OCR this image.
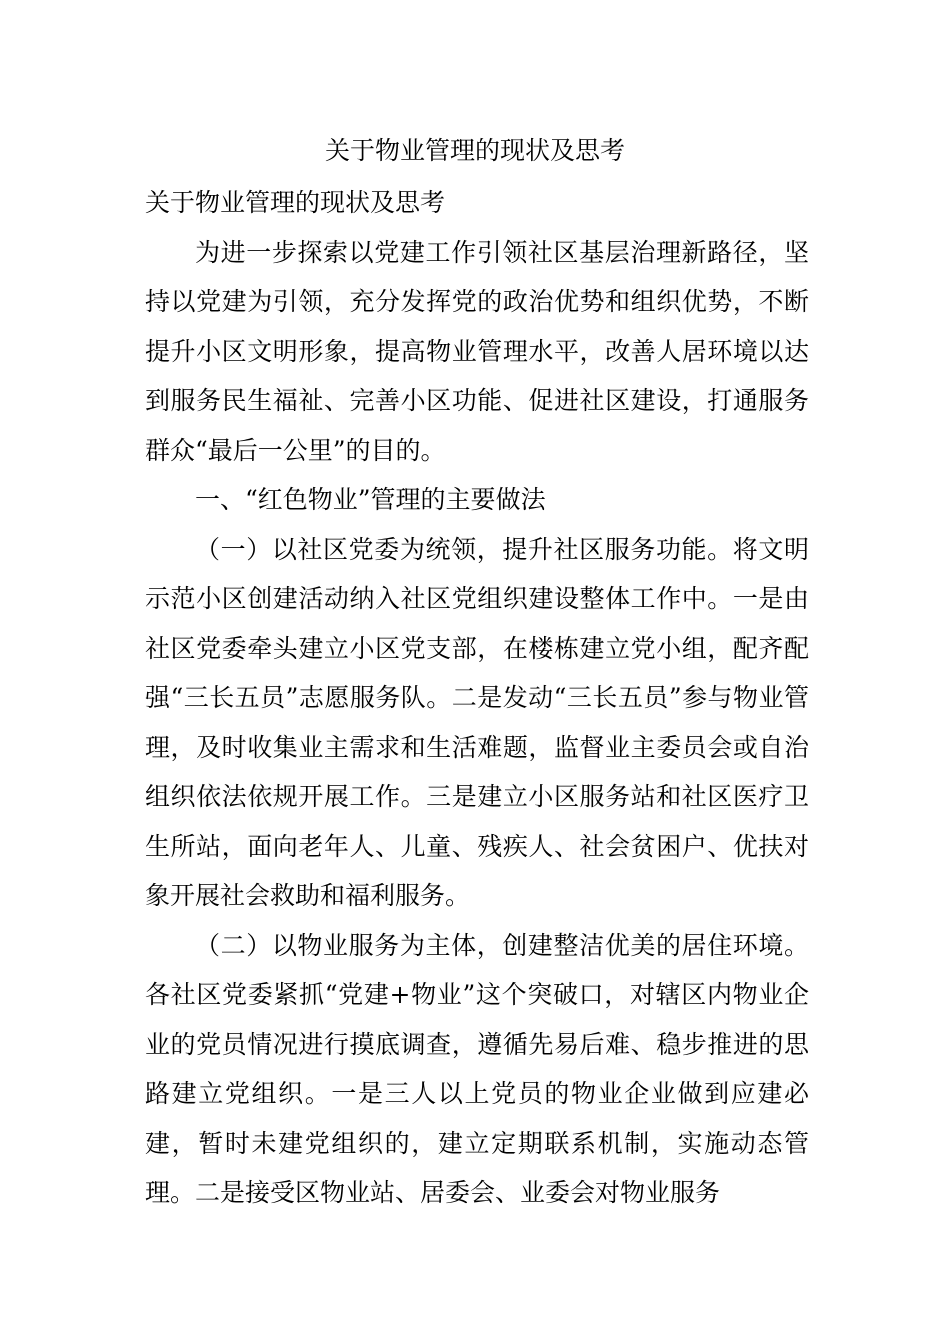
关于物业管理的现状及思考

关于物业管理的现状及思考

为进一步探索以党建工作引领社区基层治理新路径，坚持以党建为引领，充分发挥党的政治优势和组织优势，不断提升小区文明形象，提高物业管理水平，改善人居环境以达到服务民生福祉、完善小区功能、促进社区建设，打通服务群众“最后一公里”的目的。

一、“红色物业”管理的主要做法

（一）以社区党委为统领，提升社区服务功能。将文明示范小区创建活动纳入社区党组织建设整体工作中。一是由社区党委牵头建立小区党支部，在楼栋建立党小组，配齐配强“三长五员”志愿服务队。二是发动“三长五员”参与物业管理，及时收集业主需求和生活难题，监督业主委员会或自治组织依法依规开展工作。三是建立小区服务站和社区医疗卫生所站，面向老年人、儿童、残疾人、社会贫困户、优扶对象开展社会救助和福利服务。

（二）以物业服务为主体，创建整洁优美的居住环境。各社区党委紧抓“党建+物业”这个突破口，对辖区内物业企业的党员情况进行摸底调查，遵循先易后难、稳步推进的思路建立党组织。一是三人以上党员的物业企业做到应建必建，暂时未建党组织的，建立定期联系机制，实施动态管理。二是接受区物业站、居委会、业委会对物业服务
